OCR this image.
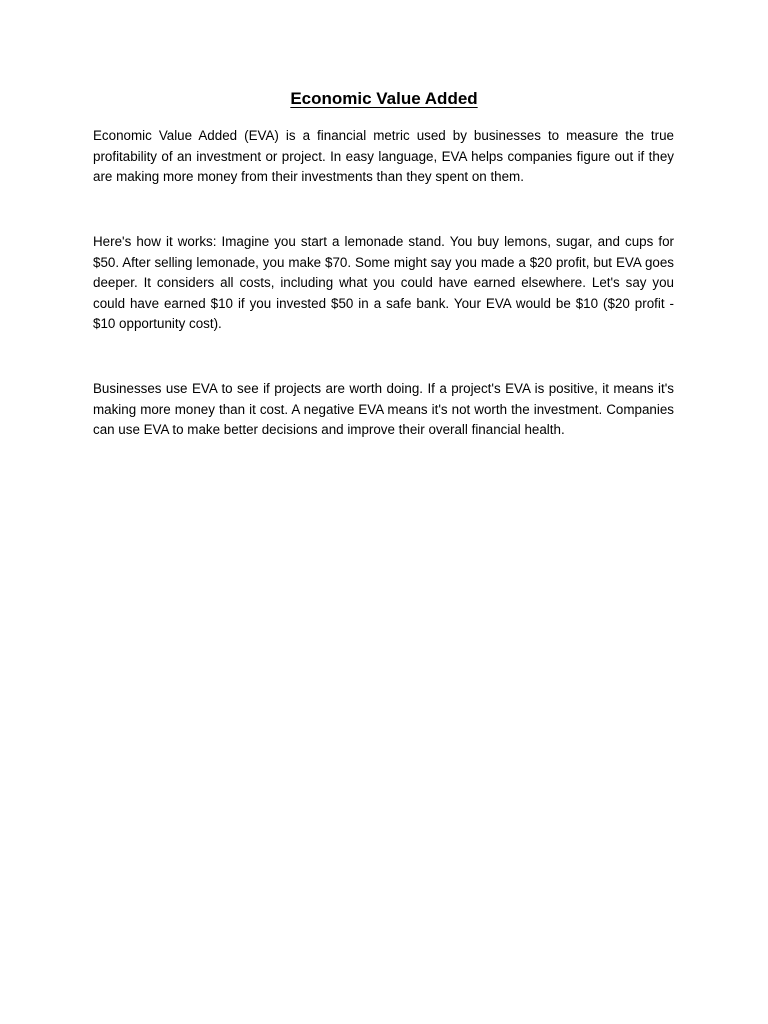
Economic Value Added

Economic Value Added (EVA) is a financial metric used by businesses to measure the true profitability of an investment or project. In easy language, EVA helps companies figure out if they are making more money from their investments than they spent on them.

Here's how it works: Imagine you start a lemonade stand. You buy lemons, sugar, and cups for $50. After selling lemonade, you make $70. Some might say you made a $20 profit, but EVA goes deeper. It considers all costs, including what you could have earned elsewhere. Let's say you could have earned $10 if you invested $50 in a safe bank. Your EVA would be $10 ($20 profit - $10 opportunity cost).

Businesses use EVA to see if projects are worth doing. If a project's EVA is positive, it means it's making more money than it cost. A negative EVA means it's not worth the investment. Companies can use EVA to make better decisions and improve their overall financial health.
